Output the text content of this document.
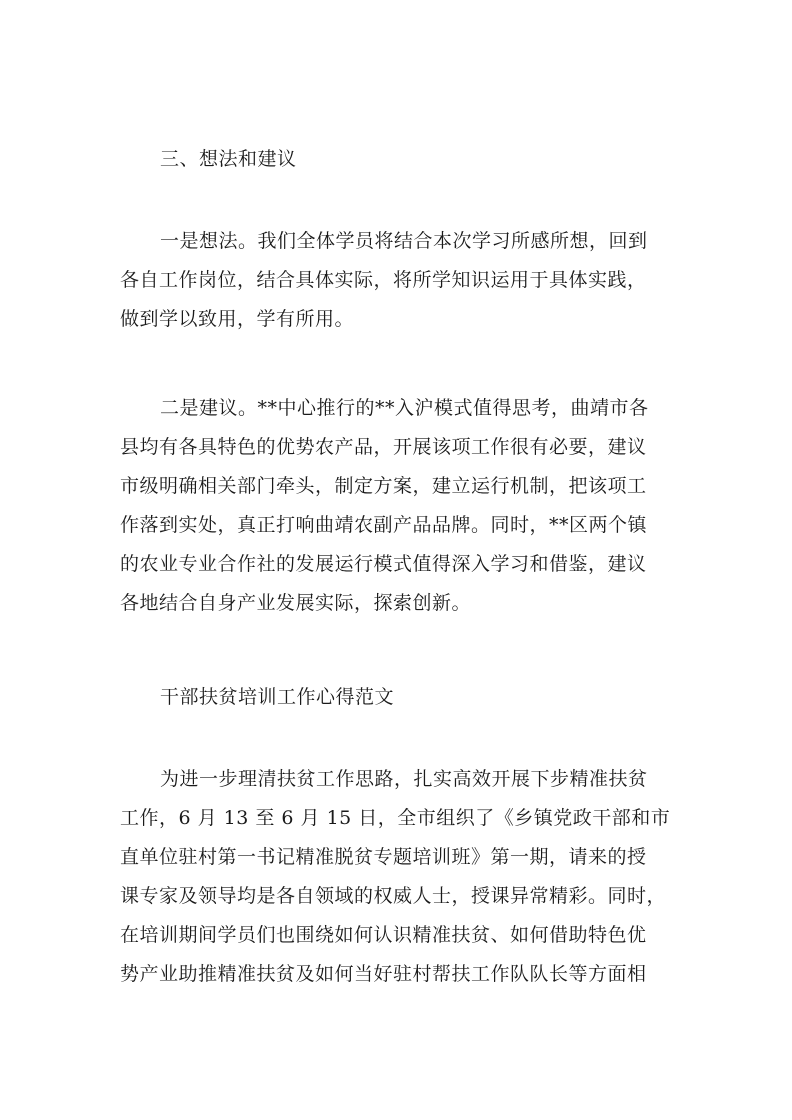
三、想法和建议

一是想法。我们全体学员将结合本次学习所感所想，回到
各自工作岗位，结合具体实际，将所学知识运用于具体实践，
做到学以致用，学有所用。

二是建议。**中心推行的**入沪模式值得思考，曲靖市各
县均有各具特色的优势农产品，开展该项工作很有必要，建议
市级明确相关部门牵头，制定方案，建立运行机制，把该项工
作落到实处，真正打响曲靖农副产品品牌。同时，**区两个镇
的农业专业合作社的发展运行模式值得深入学习和借鉴，建议
各地结合自身产业发展实际，探索创新。

干部扶贫培训工作心得范文

为进一步理清扶贫工作思路，扎实高效开展下步精准扶贫
工作，6 月 13 至 6 月 15 日，全市组织了《乡镇党政干部和市
直单位驻村第一书记精准脱贫专题培训班》第一期，请来的授
课专家及领导均是各自领域的权威人士，授课异常精彩。同时，
在培训期间学员们也围绕如何认识精准扶贫、如何借助特色优
势产业助推精准扶贫及如何当好驻村帮扶工作队队长等方面相
